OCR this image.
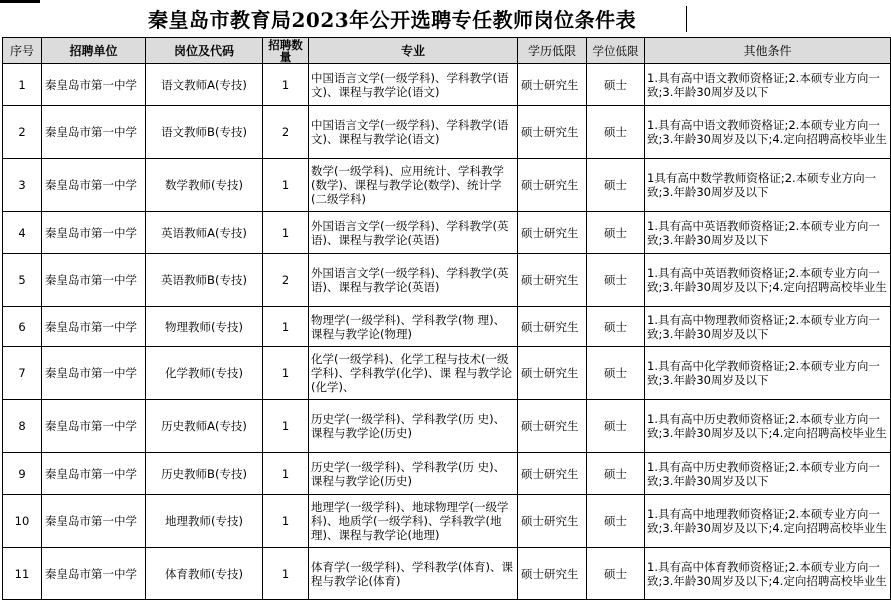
秦皇岛市教育局2023年公开选聘专任教师岗位条件表
序号	招聘单位	岗位及代码	招聘数量	专业	学历低限	学位低限	其他条件
1	秦皇岛市第一中学	语文教师A(专技)	1	中国语言文学(一级学科)、学科教学(语文)、课程与教学论(语文)	硕士研究生	硕士	1.具有高中语文教师资格证;2.本硕专业方向一致;3.年龄30周岁及以下
2	秦皇岛市第一中学	语文教师B(专技)	2	中国语言文学(一级学科)、学科教学(语文)、课程与教学论(语文)	硕士研究生	硕士	1.具有高中语文教师资格证;2.本硕专业方向一致;3.年龄30周岁及以下;4.定向招聘高校毕业生
3	秦皇岛市第一中学	数学教师(专技)	1	数学(一级学科)、应用统计、学科教学(数学)、课程与教学论(数学)、统计学(二级学科)	硕士研究生	硕士	1具有高中数学教师资格证;2.本硕专业方向一致;3.年龄30周岁及以下
4	秦皇岛市第一中学	英语教师A(专技)	1	外国语言文学(一级学科)、学科教学(英语)、课程与教学论(英语)	硕士研究生	硕士	1.具有高中英语教师资格证;2.本硕专业方向一致;3.年龄30周岁及以下
5	秦皇岛市第一中学	英语教师B(专技)	2	外国语言文学(一级学科)、学科教学(英语)、课程与教学论(英语)	硕士研究生	硕士	1.具有高中英语教师资格证;2.本硕专业方向一致;3.年龄30周岁及以下;4.定向招聘高校毕业生
6	秦皇岛市第一中学	物理教师(专技)	1	物理学(一级学科)、学科教学(物 理)、课程与教学论(物理)	硕士研究生	硕士	1.具有高中物理教师资格证;2.本硕专业方向一致;3.年龄30周岁及以下
7	秦皇岛市第一中学	化学教师(专技)	1	化学(一级学科)、化学工程与技术(一级学科)、学科教学(化学)、课 程与教学论(化学)、	硕士研究生	硕士	1.具有高中化学教师资格证;2.本硕专业方向一致;3.年龄30周岁及以下
8	秦皇岛市第一中学	历史教师A(专技)	1	历史学(一级学科)、学科教学(历 史)、课程与教学论(历史)	硕士研究生	硕士	1.具有高中历史教师资格证;2.本硕专业方向一致;3.年龄30周岁及以下;4.定向招聘高校毕业生
9	秦皇岛市第一中学	历史教师B(专技)	1	历史学(一级学科)、学科教学(历 史)、课程与教学论(历史)	硕士研究生	硕士	1.具有高中历史教师资格证;2.本硕专业方向一致;3.年龄30周岁及以下
10	秦皇岛市第一中学	地理教师(专技)	1	地理学(一级学科)、地球物理学(一级学科)、地质学(一级学科)、学科教学(地理)、课程与教学论(地理)	硕士研究生	硕士	1.具有高中地理教师资格证;2.本硕专业方向一致;3.年龄30周岁及以下;4.定向招聘高校毕业生
11	秦皇岛市第一中学	体育教师(专技)	1	体育学(一级学科)、学科教学(体育)、课程与教学论(体育)	硕士研究生	硕士	1.具有高中体育教师资格证;2.本硕专业方向一致;3.年龄30周岁及以下;4.定向招聘高校毕业生
